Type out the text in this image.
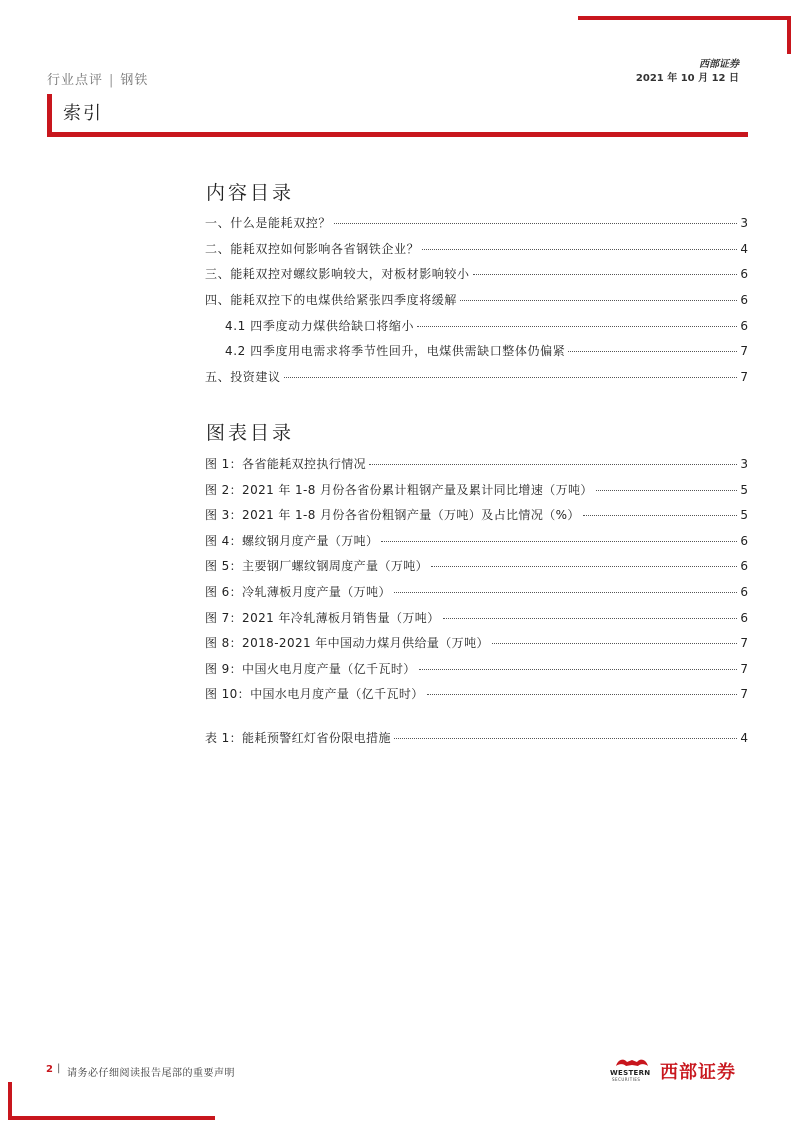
行业点评 | 钢铁
西部证券
2021 年 10 月 12 日
索引
内容目录
一、什么是能耗双控？	3
二、能耗双控如何影响各省钢铁企业？	4
三、能耗双控对螺纹影响较大，对板材影响较小	6
四、能耗双控下的电煤供给紧张四季度将缓解	6
4.1 四季度动力煤供给缺口将缩小	6
4.2 四季度用电需求将季节性回升，电煤供需缺口整体仍偏紧	7
五、投资建议	7
图表目录
图 1：各省能耗双控执行情况	3
图 2：2021 年 1-8 月份各省份累计粗钢产量及累计同比增速（万吨）	5
图 3：2021 年 1-8 月份各省份粗钢产量（万吨）及占比情况（%）	5
图 4：螺纹钢月度产量（万吨）	6
图 5：主要钢厂螺纹钢周度产量（万吨）	6
图 6：冷轧薄板月度产量（万吨）	6
图 7：2021 年冷轧薄板月销售量（万吨）	6
图 8：2018-2021 年中国动力煤月供给量（万吨）	7
图 9：中国火电月度产量（亿千瓦时）	7
图 10：中国水电月度产量（亿千瓦时）	7
表 1：能耗预警红灯省份限电措施	4
2 | 请务必仔细阅读报告尾部的重要声明	WESTERN
SECURITIES 西部证券
